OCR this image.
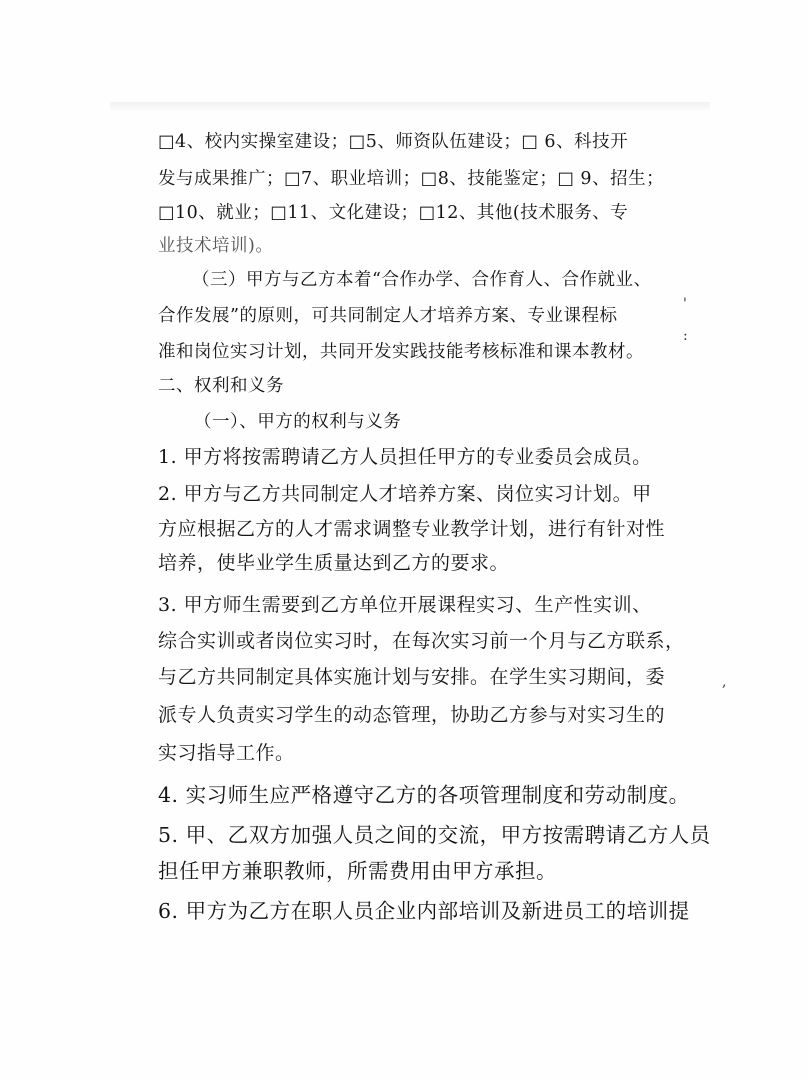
□4、校内实操室建设；□5、师资队伍建设；□ 6、科技开
发与成果推广；□7、职业培训；□8、技能鉴定；□ 9、招生；
□10、就业；□11、文化建设；□12、其他(技术服务、专
业技术培训)。
（三）甲方与乙方本着“合作办学、合作育人、合作就业、
合作发展”的原则，可共同制定人才培养方案、专业课程标
准和岗位实习计划，共同开发实践技能考核标准和课本教材。
二、权利和义务
（一）、甲方的权利与义务
1. 甲方将按需聘请乙方人员担任甲方的专业委员会成员。
2. 甲方与乙方共同制定人才培养方案、岗位实习计划。甲
方应根据乙方的人才需求调整专业教学计划，进行有针对性
培养，使毕业学生质量达到乙方的要求。
3. 甲方师生需要到乙方单位开展课程实习、生产性实训、
综合实训或者岗位实习时，在每次实习前一个月与乙方联系，
与乙方共同制定具体实施计划与安排。在学生实习期间，委
派专人负责实习学生的动态管理，协助乙方参与对实习生的
实习指导工作。
4. 实习师生应严格遵守乙方的各项管理制度和劳动制度。
5. 甲、乙双方加强人员之间的交流，甲方按需聘请乙方人员
担任甲方兼职教师，所需费用由甲方承担。
6. 甲方为乙方在职人员企业内部培训及新进员工的培训提
'
:
,
